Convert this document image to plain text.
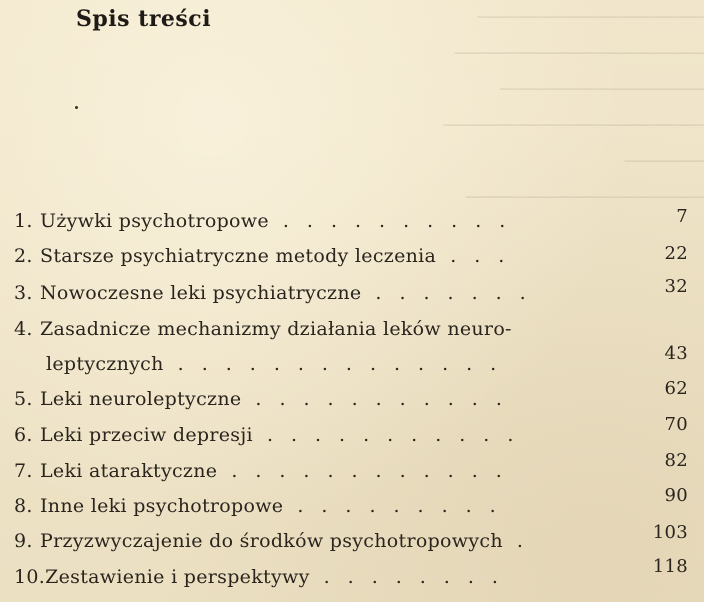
────────────────────
──────────────────────
──────────────────
───────────────────────
───────
─────────────────────
Spis treści
1. Używki psychotropowe ..........	7
2. Starsze psychiatryczne metody leczenia ...	22
3. Nowoczesne leki psychiatryczne .......	32
4. Zasadnicze mechanizmy działania leków neuro-
leptycznych ..............	43
5. Leki neuroleptyczne ...........	62
6. Leki przeciw depresji ...........	70
7. Leki ataraktyczne ............	82
8. Inne leki psychotropowe .........	90
9. Przyzwyczajenie do środków psychotropowych .	103
10. Zestawienie i perspektywy ........	118
